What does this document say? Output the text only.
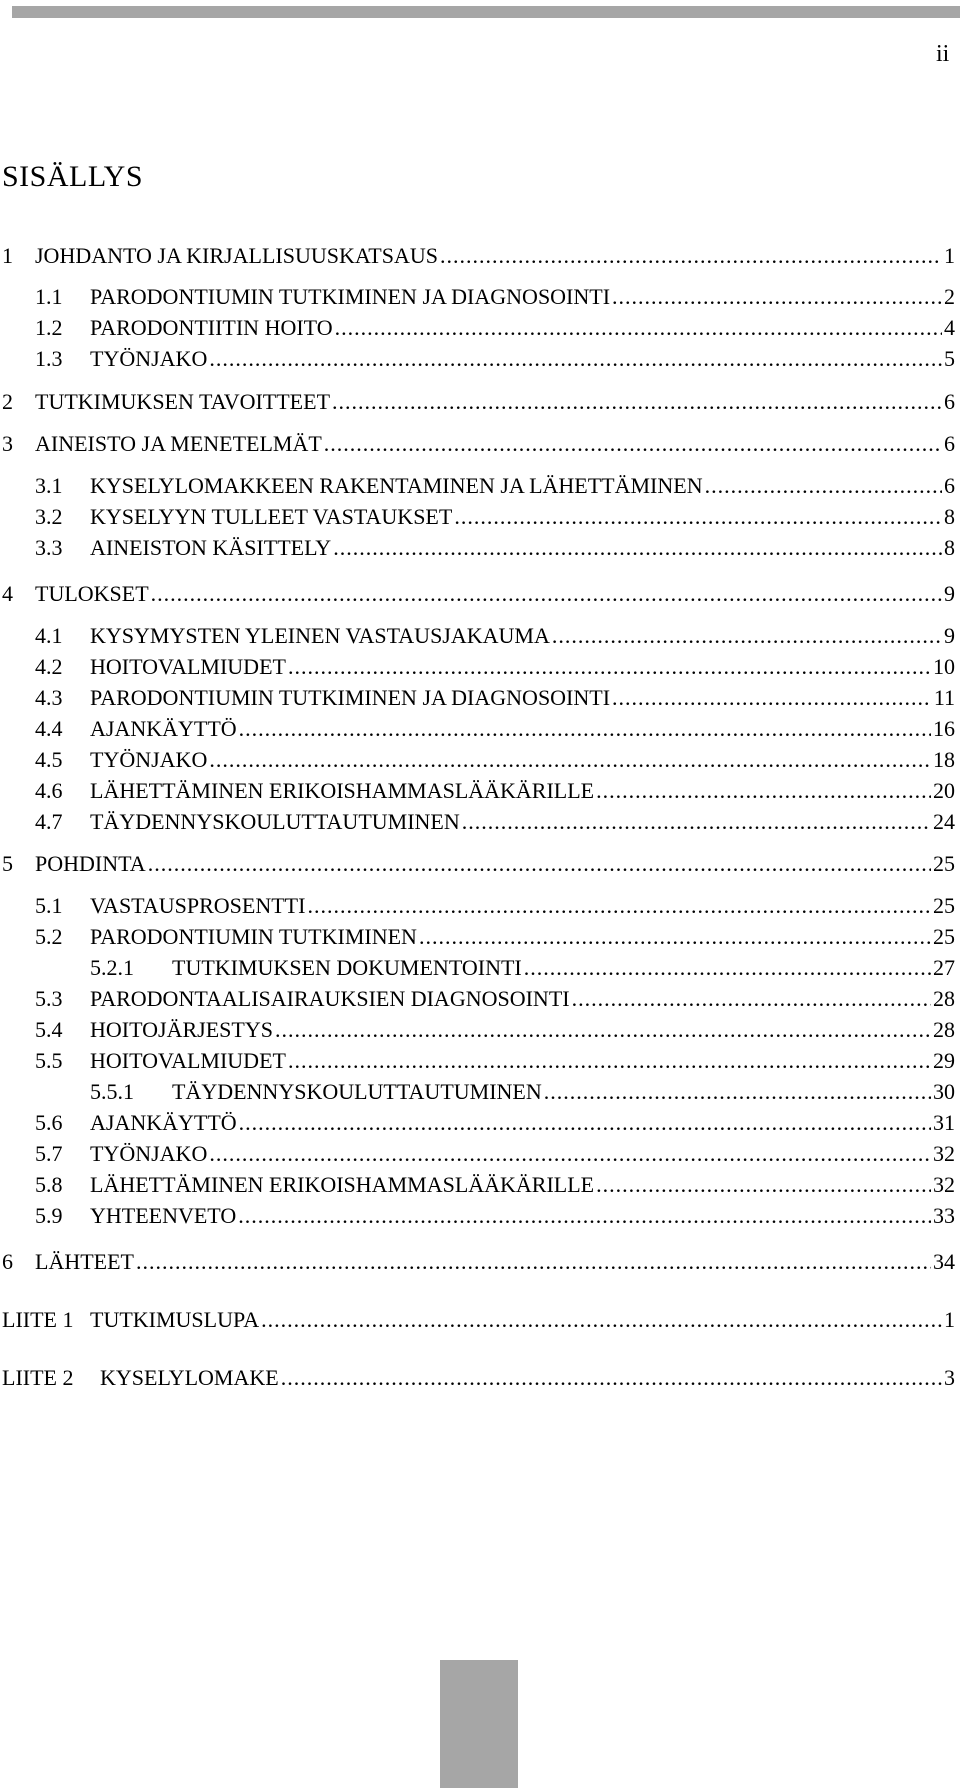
ii
SISÄLLYS
1 JOHDANTO JA KIRJALLISUUSKATSAUS .....	1
1.1 PARODONTIUMIN TUTKIMINEN JA DIAGNOSOINTI .....	2
1.2 PARODONTIITIN HOITO .....	4
1.3 TYÖNJAKO .....	5
2 TUTKIMUKSEN TAVOITTEET .....	6
3 AINEISTO JA MENETELMÄT .....	6
3.1 KYSELYLOMAKKEEN RAKENTAMINEN JA LÄHETTÄMINEN .....	6
3.2 KYSELYYN TULLEET VASTAUKSET .....	8
3.3 AINEISTON KÄSITTELY .....	8
4 TULOKSET .....	9
4.1 KYSYMYSTEN YLEINEN VASTAUSJAKAUMA .....	9
4.2 HOITOVALMIUDET .....	10
4.3 PARODONTIUMIN TUTKIMINEN JA DIAGNOSOINTI .....	11
4.4 AJANKÄYTTÖ .....	16
4.5 TYÖNJAKO .....	18
4.6 LÄHETTÄMINEN ERIKOISHAMMASLÄÄKÄRILLE .....	20
4.7 TÄYDENNYSKOULUTTAUTUMINEN .....	24
5 POHDINTA .....	25
5.1 VASTAUSPROSENTTI .....	25
5.2 PARODONTIUMIN TUTKIMINEN .....	25
5.2.1 TUTKIMUKSEN DOKUMENTOINTI .....	27
5.3 PARODONTAALISAIRAUKSIEN DIAGNOSOINTI .....	28
5.4 HOITOJÄRJESTYS .....	28
5.5 HOITOVALMIUDET .....	29
5.5.1 TÄYDENNYSKOULUTTAUTUMINEN .....	30
5.6 AJANKÄYTTÖ .....	31
5.7 TYÖNJAKO .....	32
5.8 LÄHETTÄMINEN ERIKOISHAMMASLÄÄKÄRILLE .....	32
5.9 YHTEENVETO .....	33
6 LÄHTEET .....	34
LIITE 1 TUTKIMUSLUPA .....	1
LIITE 2 KYSELYLOMAKE .....	3
